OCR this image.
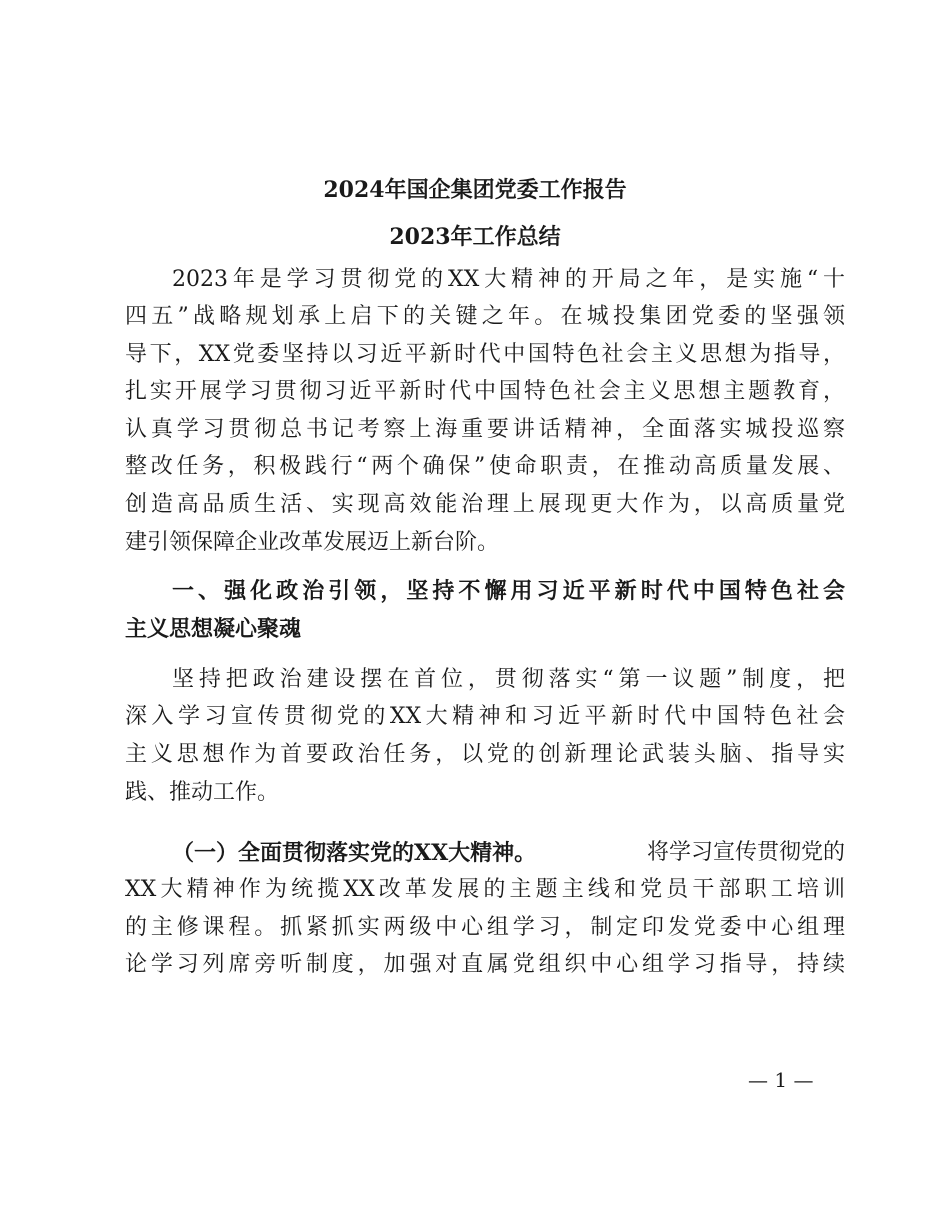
2024年国企集团党委工作报告
2023年工作总结
2023年是学习贯彻党的XX大精神的开局之年，是实施“十
四五”战略规划承上启下的关键之年。在城投集团党委的坚强领
导下，XX党委坚持以习近平新时代中国特色社会主义思想为指导，
扎实开展学习贯彻习近平新时代中国特色社会主义思想主题教育，
认真学习贯彻总书记考察上海重要讲话精神，全面落实城投巡察
整改任务，积极践行“两个确保”使命职责，在推动高质量发展、
创造高品质生活、实现高效能治理上展现更大作为，以高质量党
建引领保障企业改革发展迈上新台阶。
一、强化政治引领，坚持不懈用习近平新时代中国特色社会
主义思想凝心聚魂
坚持把政治建设摆在首位，贯彻落实“第一议题”制度，把
深入学习宣传贯彻党的XX大精神和习近平新时代中国特色社会
主义思想作为首要政治任务，以党的创新理论武装头脑、指导实
践、推动工作。
（一）全面贯彻落实党的XX大精神。	将学习宣传贯彻党的
XX大精神作为统揽XX改革发展的主题主线和党员干部职工培训
的主修课程。抓紧抓实两级中心组学习，制定印发党委中心组理
论学习列席旁听制度，加强对直属党组织中心组学习指导，持续
— 1 —
